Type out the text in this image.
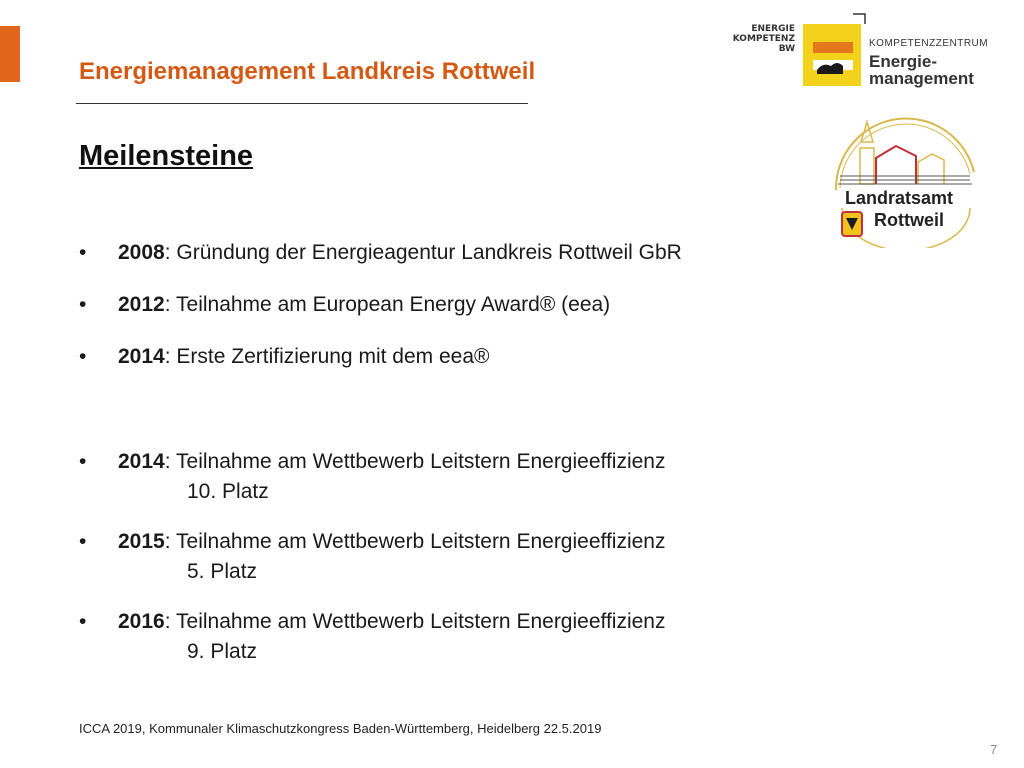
Energiemanagement Landkreis Rottweil
ENERGIE
KOMPETENZ
BW	KOMPETENZZENTRUM
Energie-
management
Landratsamt
Rottweil
Meilensteine
• 2008: Gründung der Energieagentur Landkreis Rottweil GbR
• 2012: Teilnahme am European Energy Award® (eea)
• 2014: Erste Zertifizierung mit dem eea®
• 2014: Teilnahme am Wettbewerb Leitstern Energieeffizienz
10. Platz
• 2015: Teilnahme am Wettbewerb Leitstern Energieeffizienz
5. Platz
• 2016: Teilnahme am Wettbewerb Leitstern Energieeffizienz
9. Platz
ICCA 2019, Kommunaler Klimaschutzkongress Baden-Württemberg, Heidelberg 22.5.2019
7
